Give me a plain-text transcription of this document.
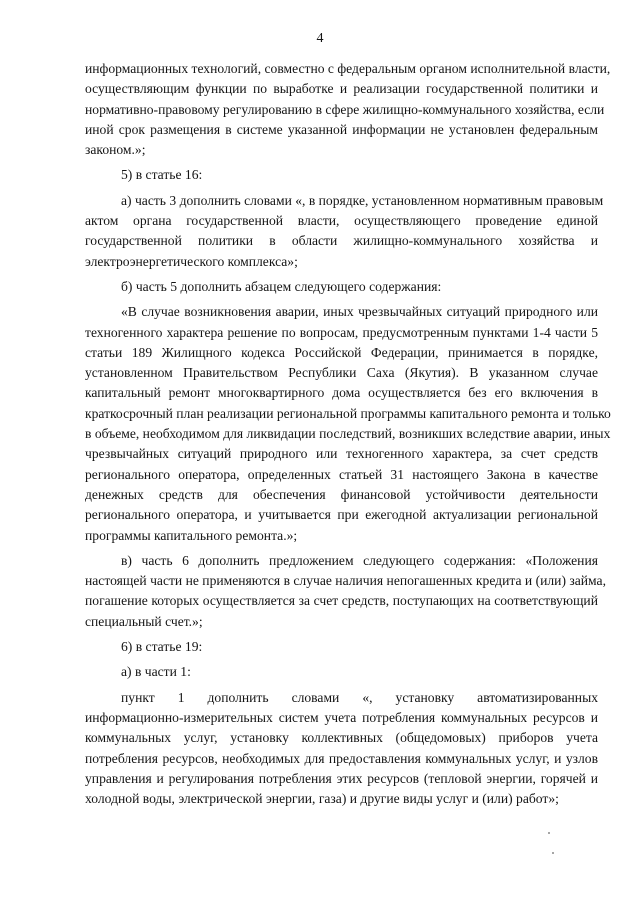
4
информационных технологий, совместно с федеральным органом исполнительной власти,
осуществляющим функции по выработке и реализации государственной политики и
нормативно-правовому регулированию в сфере жилищно-коммунального хозяйства, если
иной срок размещения в системе указанной информации не установлен федеральным
законом.»;
5) в статье 16:
а) часть 3 дополнить словами «, в порядке, установленном нормативным правовым
актом органа государственной власти, осуществляющего проведение единой
государственной политики в области жилищно-коммунального хозяйства и
электроэнергетического комплекса»;
б) часть 5 дополнить абзацем следующего содержания:
«В случае возникновения аварии, иных чрезвычайных ситуаций природного или
техногенного характера решение по вопросам, предусмотренным пунктами 1-4 части 5
статьи 189 Жилищного кодекса Российской Федерации, принимается в порядке,
установленном Правительством Республики Саха (Якутия). В указанном случае
капитальный ремонт многоквартирного дома осуществляется без его включения в
краткосрочный план реализации региональной программы капитального ремонта и только
в объеме, необходимом для ликвидации последствий, возникших вследствие аварии, иных
чрезвычайных ситуаций природного или техногенного характера, за счет средств
регионального оператора, определенных статьей 31 настоящего Закона в качестве
денежных средств для обеспечения финансовой устойчивости деятельности
регионального оператора, и учитывается при ежегодной актуализации региональной
программы капитального ремонта.»;
в) часть 6 дополнить предложением следующего содержания: «Положения
настоящей части не применяются в случае наличия непогашенных кредита и (или) займа,
погашение которых осуществляется за счет средств, поступающих на соответствующий
специальный счет.»;
6) в статье 19:
а) в части 1:
пункт 1 дополнить словами «, установку автоматизированных
информационно-измерительных систем учета потребления коммунальных ресурсов и
коммунальных услуг, установку коллективных (общедомовых) приборов учета
потребления ресурсов, необходимых для предоставления коммунальных услуг, и узлов
управления и регулирования потребления этих ресурсов (тепловой энергии, горячей и
холодной воды, электрической энергии, газа) и другие виды услуг и (или) работ»;
